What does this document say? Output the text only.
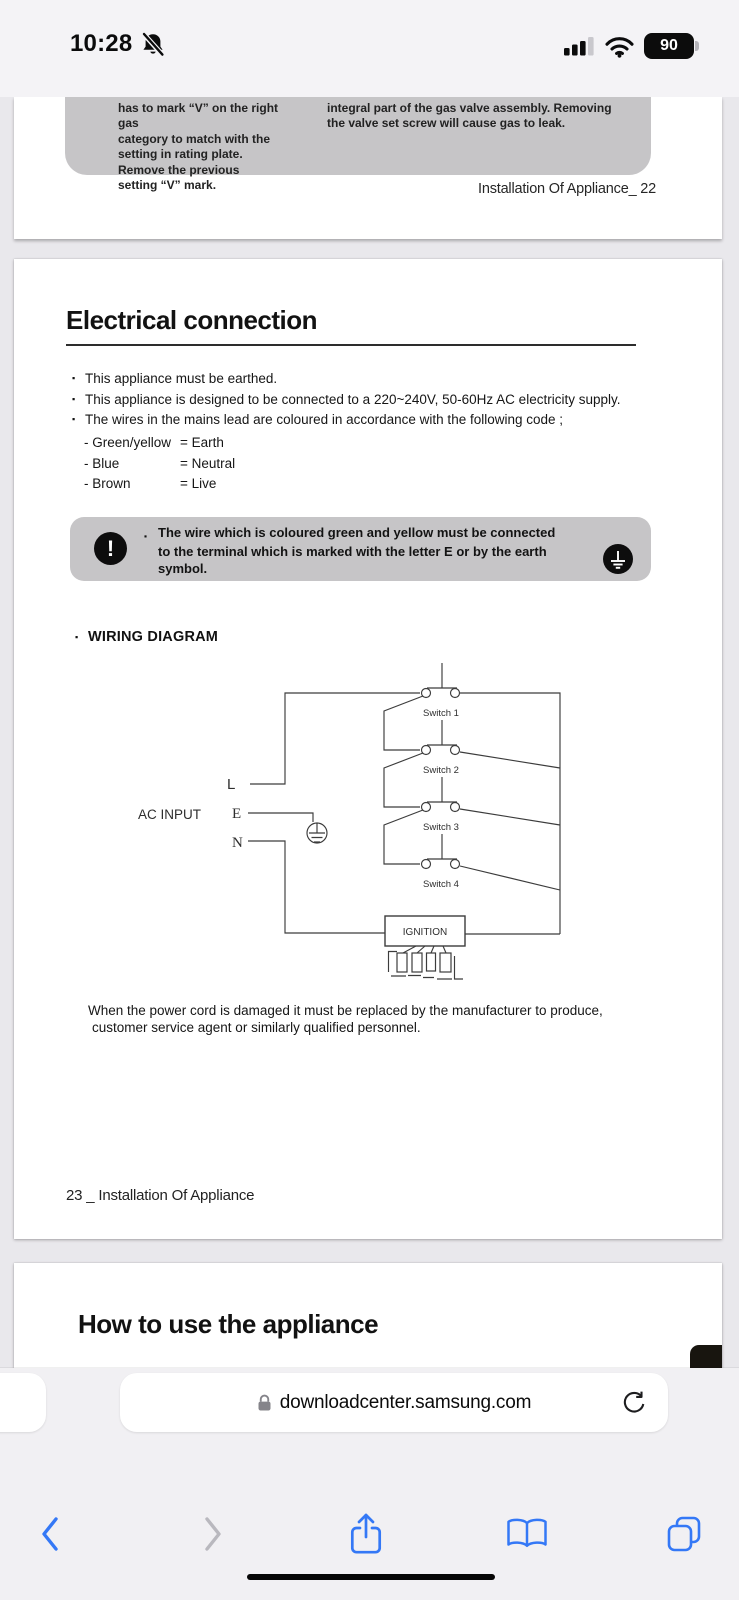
10:28	90
has to mark “V” on the right gas
category to match with the
setting in rating plate.
Remove the previous
setting “V” mark.
integral part of the gas valve assembly. Removing
the valve set screw will cause gas to leak.
Installation Of Appliance_ 22
Electrical connection
▪ This appliance must be earthed.
▪ This appliance is designed to be connected to a 220~240V, 50-60Hz AC electricity supply.
▪ The wires in the mains lead are coloured in accordance with the following code ;
- Green/yellow = Earth
- Blue	= Neutral
- Brown	= Live
!	▪ The wire which is coloured green and yellow must be connected
to the terminal which is marked with the letter E or by the earth
symbol.
▪ WIRING DIAGRAM
AC INPUT
L
E
N
Switch 1
Switch 2
Switch 3
Switch 4
IGNITION
When the power cord is damaged it must be replaced by the manufacturer to produce,
customer service agent or similarly qualified personnel.
23 _ Installation Of Appliance
How to use the appliance
downloadcenter.samsung.com
